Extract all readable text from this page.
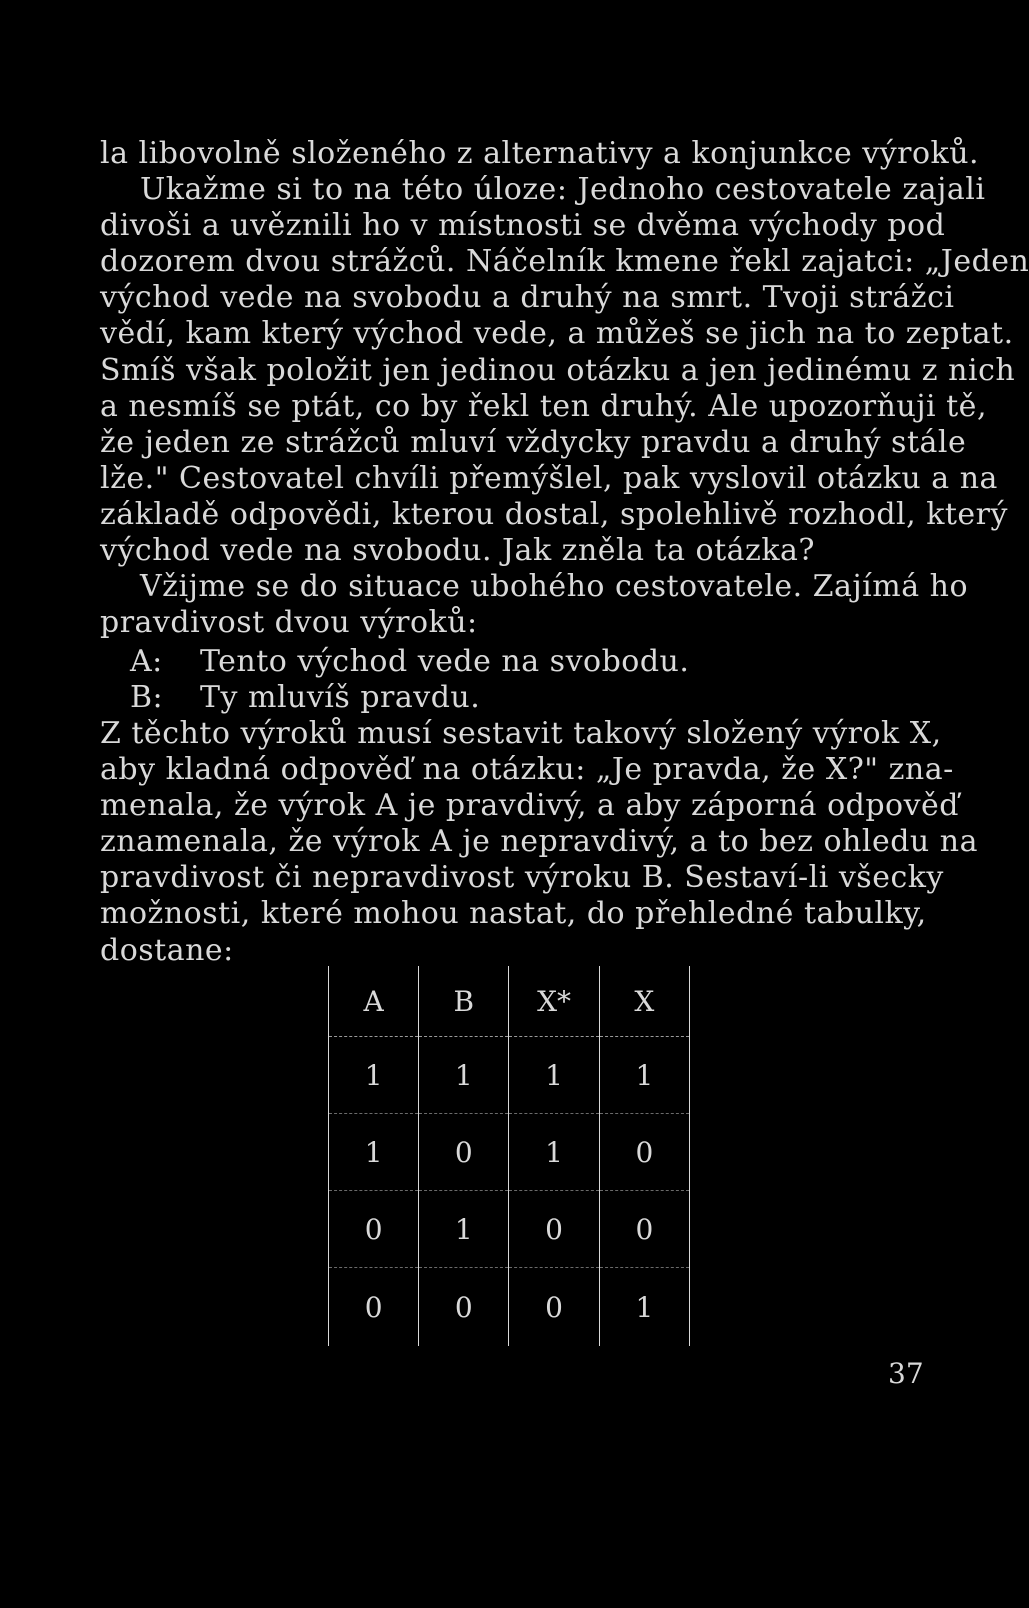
la libovolně složeného z alternativy a konjunkce výroků.
Ukažme si to na této úloze: Jednoho cestovatele zajali
divoši a uvěznili ho v místnosti se dvěma východy pod
dozorem dvou strážců. Náčelník kmene řekl zajatci: „Jeden
východ vede na svobodu a druhý na smrt. Tvoji strážci
vědí, kam který východ vede, a můžeš se jich na to zeptat.
Smíš však položit jen jedinou otázku a jen jedinému z nich
a nesmíš se ptát, co by řekl ten druhý. Ale upozorňuji tě,
že jeden ze strážců mluví vždycky pravdu a druhý stále
lže." Cestovatel chvíli přemýšlel, pak vyslovil otázku a na
základě odpovědi, kterou dostal, spolehlivě rozhodl, který
východ vede na svobodu. Jak zněla ta otázka?
Vžijme se do situace ubohého cestovatele. Zajímá ho
pravdivost dvou výroků:
A:	Tento východ vede na svobodu.
B:	Ty mluvíš pravdu.
Z těchto výroků musí sestavit takový složený výrok X,
aby kladná odpověď na otázku: „Je pravda, že X?" zna-
menala, že výrok A je pravdivý, a aby záporná odpověď
znamenala, že výrok A je nepravdivý, a to bez ohledu na
pravdivost či nepravdivost výroku B. Sestaví-li všecky
možnosti, které mohou nastat, do přehledné tabulky,
dostane:
A	B	X*	X
1	1	1	1
1	0	1	0
0	1	0	0
0	0	0	1
37
